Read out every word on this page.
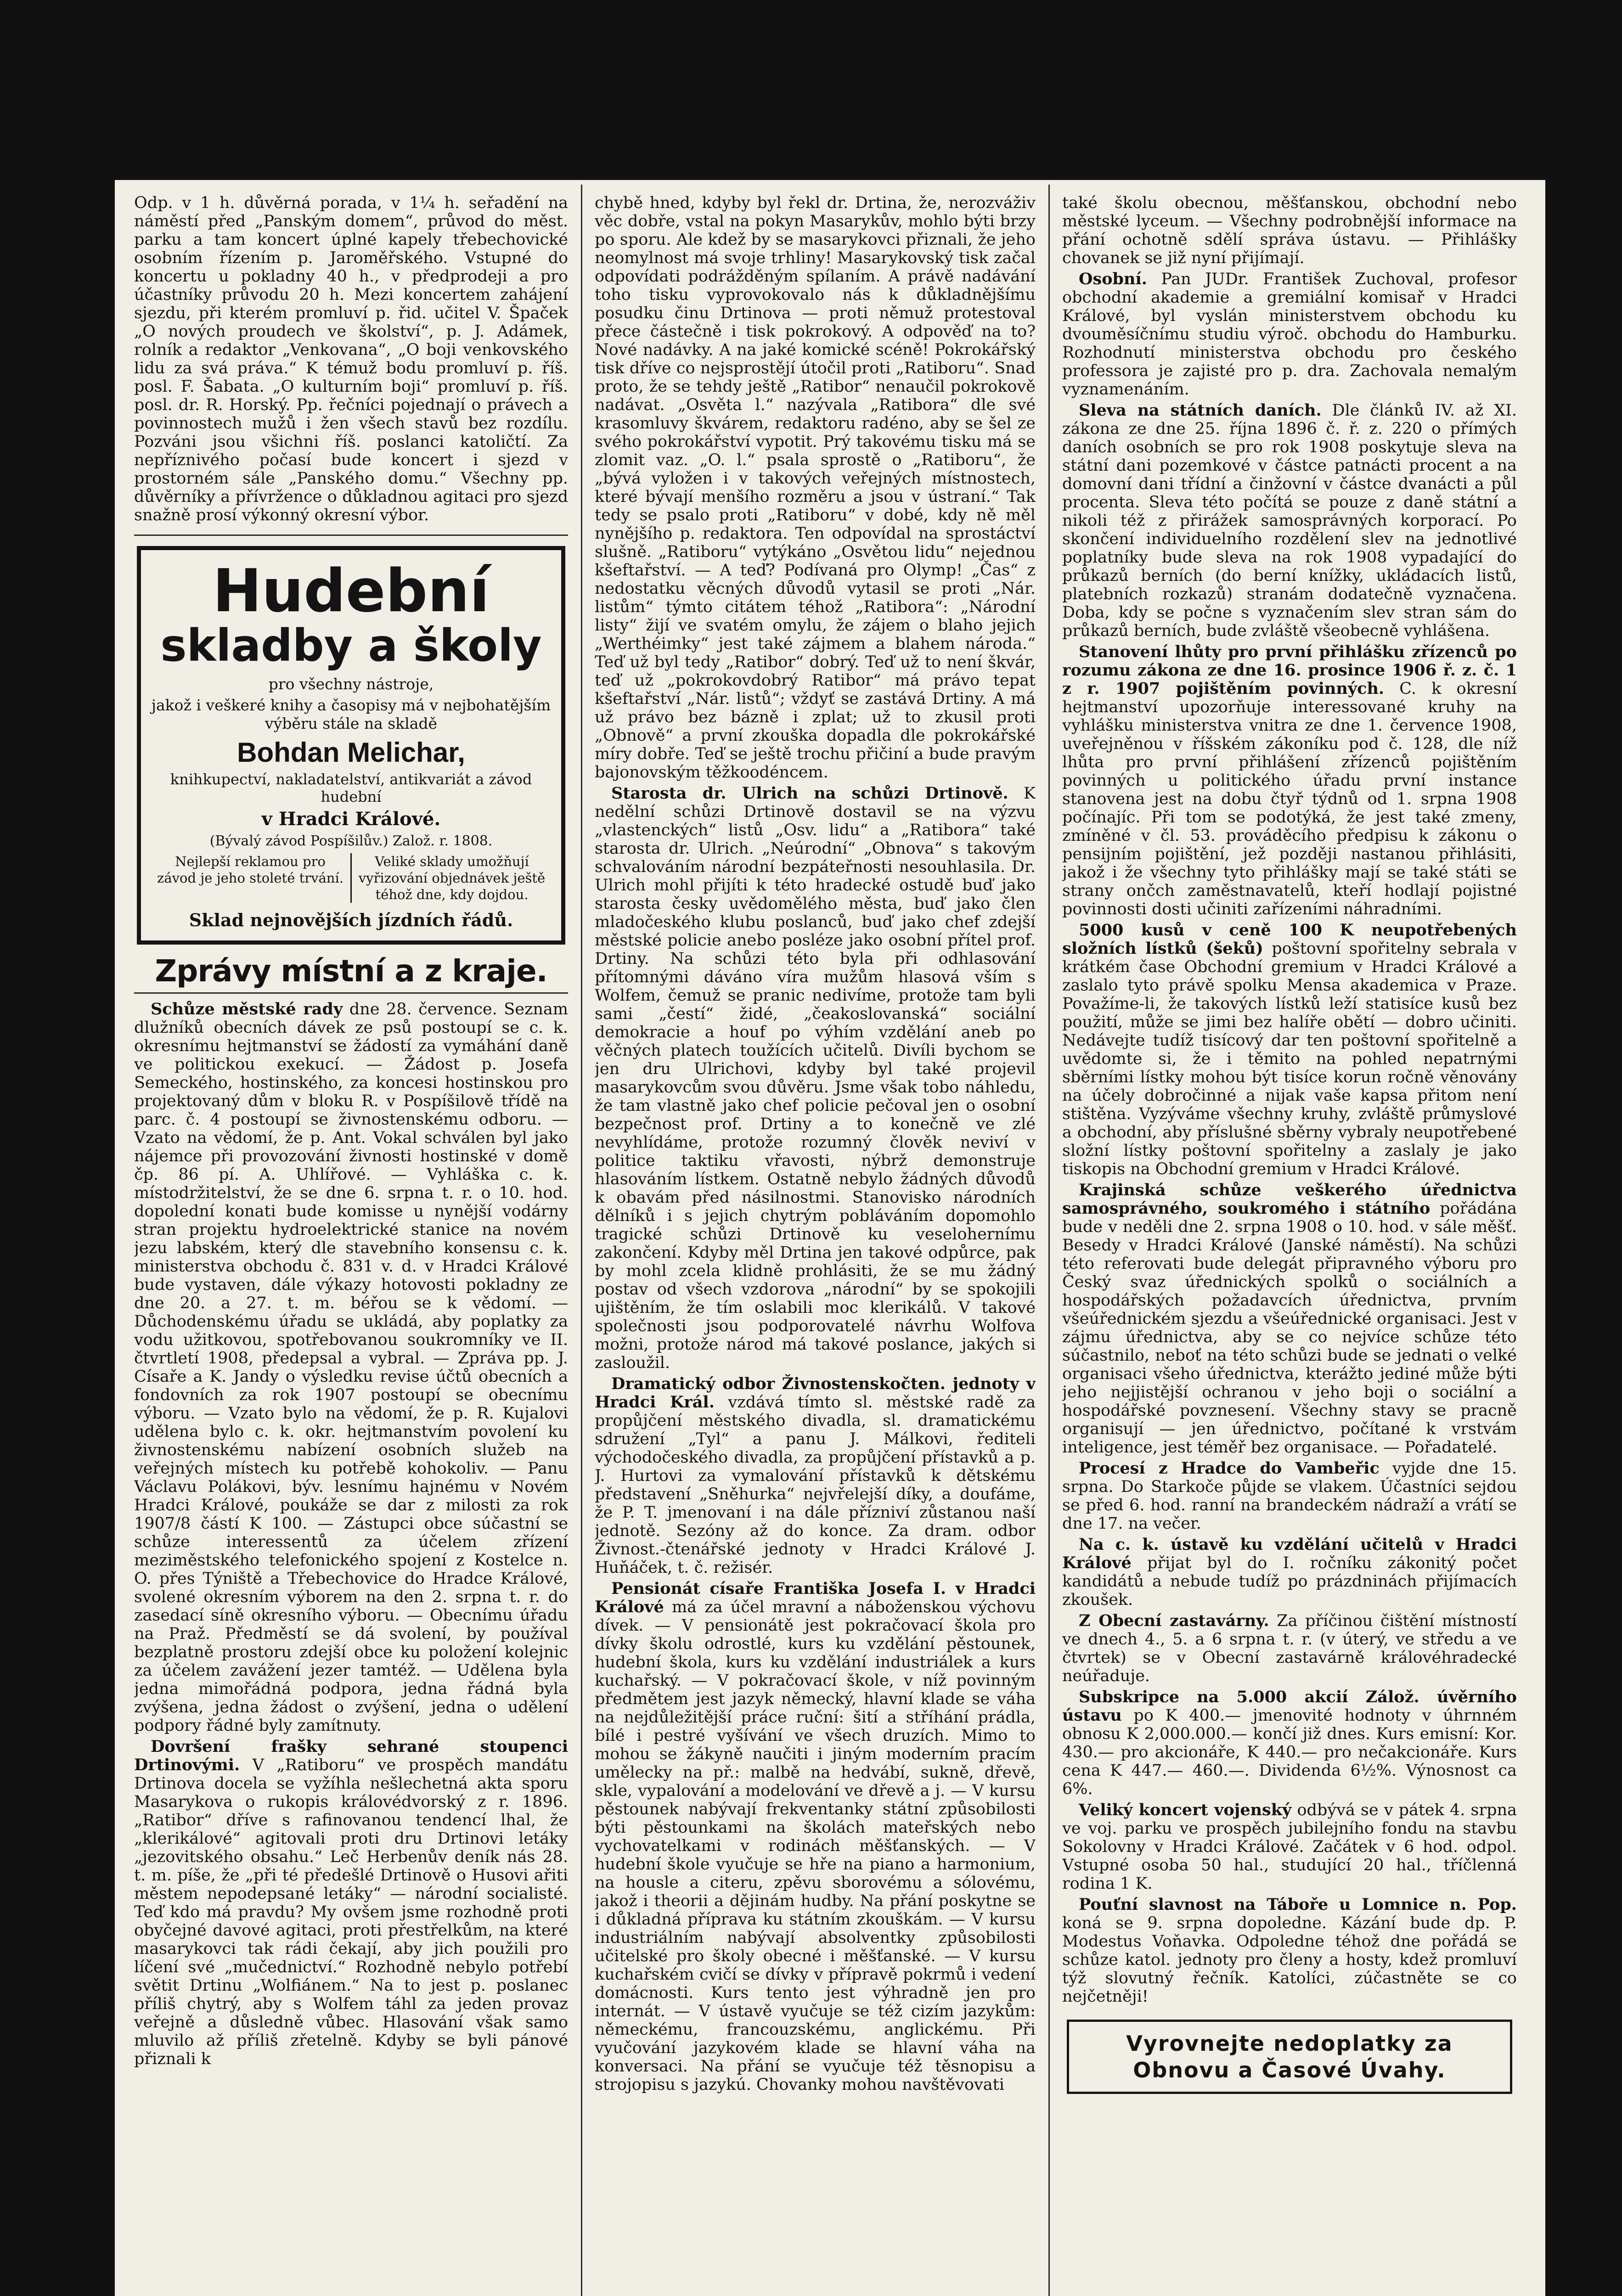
Odp. v 1 h. důvěrná porada, v 1¼ h. seřadění na náměstí před „Panským domem“, průvod do měst. parku a tam koncert úplné kapely třebechovické osobním řízením p. Jaroměřského. Vstupné do koncertu u pokladny 40 h., v předprodeji a pro účastníky průvodu 20 h. Mezi koncertem zahájení sjezdu, při kterém promluví p. řid. učitel V. Špaček „O nových proudech ve školství“, p. J. Adámek, rolník a redaktor „Venkovana“, „O boji venkovského lidu za svá práva.“ K témuž bodu promluví p. říš. posl. F. Šabata. „O kulturním boji“ promluví p. říš. posl. dr. R. Horský. Pp. řečníci pojednají o právech a povinnostech mužů i žen všech stavů bez rozdílu. Pozváni jsou všichni říš. poslanci katoličtí. Za nepříznivého počasí bude koncert i sjezd v prostorném sále „Panského domu.“ Všechny pp. důvěrníky a přívržence o důkladnou agitaci pro sjezd snažně prosí výkonný okresní výbor.

Hudební
skladby a školy
pro všechny nástroje,
jakož i veškeré knihy a časopisy má v nejbohatějším výběru stále na skladě
Bohdan Melichar,
knihkupectví, nakladatelství, antikvariát a závod hudební
v Hradci Králové.
(Bývalý závod Pospíšilův.) Založ. r. 1808.
Nejlepší reklamou pro závod je jeho stoleté trvání.
Veliké sklady umožňují vyřizování objednávek ještě téhož dne, kdy dojdou.
Sklad nejnovějších jízdních řádů.
Zprávy místní a z kraje.

Schůze městské rady dne 28. července. Seznam dlužníků obecních dávek ze psů postoupí se c. k. okresnímu hejtmanství se žádostí za vymáhání daně ve politickou exekucí. — Žádost p. Josefa Semeckého, hostinského, za koncesi hostinskou pro projektovaný dům v bloku R. v Pospíšilově třídě na parc. č. 4 postoupí se živnostenskému odboru. — Vzato na vědomí, že p. Ant. Vokal schválen byl jako nájemce při provozování živnosti hostinské v domě čp. 86 pí. A. Uhlířové. — Vyhláška c. k. místodržitelství, že se dne 6. srpna t. r. o 10. hod. dopolední konati bude komisse u nynější vodárny stran projektu hydroelektrické stanice na novém jezu labském, který dle stavebního konsensu c. k. ministerstva obchodu č. 831 v. d. v Hradci Králové bude vystaven, dále výkazy hotovosti pokladny ze dne 20. a 27. t. m. béřou se k vědomí. — Důchodenskému úřadu se ukládá, aby poplatky za vodu užitkovou, spotřebovanou soukromníky ve II. čtvrtletí 1908, předepsal a vybral. — Zpráva pp. J. Císaře a K. Jandy o výsledku revise účtů obecních a fondovních za rok 1907 postoupí se obecnímu výboru. — Vzato bylo na vědomí, že p. R. Kujalovi udělena bylo c. k. okr. hejtmanstvím povolení ku živnostenskému nabízení osobních služeb na veřejných místech ku potřebě kohokoliv. — Panu Václavu Polákovi, býv. lesnímu hajnému v Novém Hradci Králové, poukáže se dar z milosti za rok 1907/8 částí K 100. — Zástupci obce súčastní se schůze interessentů za účelem zřízení meziměstského telefonického spojení z Kostelce n. O. přes Týniště a Třebechovice do Hradce Králové, svolené okresním výborem na den 2. srpna t. r. do zasedací síně okresního výboru. — Obecnímu úřadu na Praž. Předměstí se dá svolení, by používal bezplatně prostoru zdejší obce ku položení kolejnic za účelem zavážení jezer tamtéž. — Udělena byla jedna mimořádná podpora, jedna řádná byla zvýšena, jedna žádost o zvýšení, jedna o udělení podpory řádné byly zamítnuty.

Dovršení frašky sehrané stoupenci Drtinovými. V „Ratiboru“ ve prospěch mandátu Drtinova docela se vyžíhla nešlechetná akta sporu Masarykova o rukopis královédvorský z r. 1896. „Ratibor“ dříve s rafinovanou tendencí lhal, že „klerikálové“ agitovali proti dru Drtinovi letáky „jezovitského obsahu.“ Leč Herbenův deník nás 28. t. m. píše, že „při té předešlé Drtinově o Husovi ařiti městem nepodepsané letáky“ — národní socialisté. Teď kdo má pravdu? My ovšem jsme rozhodně proti obyčejné davové agitaci, proti přestřelkům, na které masarykovci tak rádi čekají, aby jich použili pro líčení své „mučednictví.“ Rozhodně nebylo potřebí světit Drtinu „Wolfiánem.“ Na to jest p. poslanec příliš chytrý, aby s Wolfem táhl za jeden provaz veřejně a důsledně vůbec. Hlasování však samo mluvilo až příliš zřetelně. Kdyby se byli pánové přiznali k

chybě hned, kdyby byl řekl dr. Drtina, že, nerozváživ věc dobře, vstal na pokyn Masarykův, mohlo býti brzy po sporu. Ale kdež by se masarykovci přiznali, že jeho neomylnost má svoje trhliny! Masarykovský tisk začal odpovídati podrážděným spílaním. A právě nadávání toho tisku vyprovokovalo nás k důkladnějšímu posudku činu Drtinova — proti němuž protestoval přece částečně i tisk pokrokový. A odpověď na to? Nové nadávky. A na jaké komické scéně! Pokrokářský tisk dříve co nejsprostějí útočil proti „Ratiboru“. Snad proto, že se tehdy ještě „Ratibor“ nenaučil pokrokově nadávat. „Osvěta l.“ nazývala „Ratibora“ dle své krasomluvy škvárem, redaktoru radéno, aby se šel ze svého pokrokářství vypotit. Prý takovému tisku má se zlomit vaz. „O. l.“ psala sprostě o „Ratiboru“, že „bývá vyložen i v takových veřejných místnostech, které bývají menšího rozměru a jsou v ústraní.“ Tak tedy se psalo proti „Ratiboru“ v dobé, kdy ně měl nynějšího p. redaktora. Ten odpovídal na sprostáctví slušně. „Ratiboru“ vytýkáno „Osvětou lidu“ nejednou kšeftařství. — A teď? Podívaná pro Olymp! „Čas“ z nedostatku věcných důvodů vytasil se proti „Nár. listům“ týmto citátem téhož „Ratibora“: „Národní listy“ žijí ve svatém omylu, že zájem o blaho jejich „Werthéimky“ jest také zájmem a blahem národa.“ Teď už byl tedy „Ratibor“ dobrý. Teď už to není škvár, teď už „pokrokovdobrý Ratibor“ má právo tepat kšeftařství „Nár. listů“; vždyť se zastává Drtiny. A má už právo bez bázně i zplat; už to zkusil proti „Obnově“ a první zkouška dopadla dle pokrokářské míry dobře. Teď se ještě trochu přičiní a bude pravým bajonovským těžkoodéncem.

Starosta dr. Ulrich na schůzi Drtinově. K nedělní schůzi Drtinově dostavil se na výzvu „vlastenckých“ listů „Osv. lidu“ a „Ratibora“ také starosta dr. Ulrich. „Neúrodní“ „Obnova“ s takovým schvalováním národní bezpáteřnosti nesouhlasila. Dr. Ulrich mohl přijíti k této hradecké ostudě buď jako starosta česky uvědomělého města, buď jako člen mladočeského klubu poslanců, buď jako chef zdejší městské policie anebo posléze jako osobní přítel prof. Drtiny. Na schůzi této byla při odhlasování přítomnými dáváno víra mužům hlasová vším s Wolfem, čemuž se pranic nedivíme, protože tam byli sami „čestí“ židé, „čeakoslovanská“ sociální demokracie a houf po výhím vzdělání aneb po věčných platech toužících učitelů. Divíli bychom se jen dru Ulrichovi, kdyby byl také projevil masarykovcům svou důvěru. Jsme však tobo náhledu, že tam vlastně jako chef policie pečoval jen o osobní bezpečnost prof. Drtiny a to konečně ve zlé nevyhlídáme, protože rozumný člověk neviví v politice taktiku vřavosti, nýbrž demonstruje hlasováním lístkem. Ostatně nebylo žádných důvodů k obavám před násilnostmi. Stanovisko národních dělníků i s jejich chytrým pobláváním dopomohlo tragické schůzi Drtinově ku veselohernímu zakončení. Kdyby měl Drtina jen takové odpůrce, pak by mohl zcela klidně prohlásiti, že se mu žádný postav od všech vzdorova „národní“ by se spokojili ujištěním, že tím oslabili moc klerikálů. V takové společnosti jsou podporovatelé návrhu Wolfova možni, protože národ má takové poslance, jakých si zasloužil.

Dramatický odbor Živnostenskočten. jednoty v Hradci Král. vzdává tímto sl. městské radě za propůjčení městského divadla, sl. dramatickému sdružení „Tyl“ a panu J. Málkovi, řediteli východočeského divadla, za propůjčení přístavků a p. J. Hurtovi za vymalování přístavků k dětskému představení „Sněhurka“ nejvřelejší díky, a doufáme, že P. T. jmenovaní i na dále přízniví zůstanou naší jednotě. Sezóny až do konce. Za dram. odbor Živnost.-čtenářské jednoty v Hradci Králové J. Huňáček, t. č. režisér.

Pensionát císaře Františka Josefa I. v Hradci Králové má za účel mravní a náboženskou výchovu dívek. — V pensionátě jest pokračovací škola pro dívky školu odrostlé, kurs ku vzdělání pěstounek, hudební škola, kurs ku vzdělání industriálek a kurs kuchařský. — V pokračovací škole, v níž povinným předmětem jest jazyk německý, hlavní klade se váha na nejdůležitější práce ruční: šití a stříhání prádla, bílé i pestré vyšívání ve všech druzích. Mimo to mohou se žákyně naučiti i jiným moderním pracím umělecky na př.: malbě na hedvábí, sukně, dřevě, skle, vypalování a modelování ve dřevě a j. — V kursu pěstounek nabývají frekventanky státní způsobilosti býti pěstounkami na školách mateřských nebo vychovatelkami v rodinách měšťanských. — V hudební škole vyučuje se hře na piano a harmonium, na housle a citeru, zpěvu sborovému a sólovému, jakož i theorii a dějinám hudby. Na přání poskytne se i důkladná příprava ku státním zkouškám. — V kursu industriálním nabývají absolventky způsobilosti učitelské pro školy obecné i měšťanské. — V kursu kuchařském cvičí se dívky v přípravě pokrmů i vedení domácnosti. Kurs tento jest výhradně jen pro internát. — V ústavě vyučuje se též cizím jazykům: německému, francouzskému, anglickému. Při vyučování jazykovém klade se hlavní váha na konversaci. Na přání se vyučuje též těsnopisu a strojopisu s jazykú. Chovanky mohou navštěvovati

také školu obecnou, měšťanskou, obchodní nebo městské lyceum. — Všechny podrobnější informace na přání ochotně sdělí správa ústavu. — Přihlášky chovanek se již nyní přijímají.

Osobní. Pan JUDr. František Zuchoval, profesor obchodní akademie a gremiální komisař v Hradci Králové, byl vyslán ministerstvem obchodu ku dvouměsíčnímu studiu výroč. obchodu do Hamburku. Rozhodnutí ministerstva obchodu pro českého professora je zajisté pro p. dra. Zachovala nemalým vyznamenáním.

Sleva na státních daních. Dle článků IV. až XI. zákona ze dne 25. října 1896 č. ř. z. 220 o přímých daních osobních se pro rok 1908 poskytuje sleva na státní dani pozemkové v částce patnácti procent a na domovní dani třídní a činžovní v částce dvanácti a půl procenta. Sleva této počítá se pouze z daně státní a nikoli též z přirážek samosprávných korporací. Po skončení individuelního rozdělení slev na jednotlivé poplatníky bude sleva na rok 1908 vypadající do průkazů berních (do berní knížky, ukládacích listů, platebních rozkazů) stranám dodatečně vyznačena. Doba, kdy se počne s vyznačením slev stran sám do průkazů berních, bude zvláště všeobecně vyhlášena.

Stanovení lhůty pro první přihlášku zřízenců po rozumu zákona ze dne 16. prosince 1906 ř. z. č. 1 z r. 1907 pojištěním povinných. C. k okresní hejtmanství upozorňuje interessované kruhy na vyhlášku ministerstva vnitra ze dne 1. července 1908, uveřejněnou v říšském zákoníku pod č. 128, dle níž lhůta pro první přihlášení zřízenců pojištěním povinných u politického úřadu první instance stanovena jest na dobu čtyř týdnů od 1. srpna 1908 počínajíc. Při tom se podotýká, že jest také zmeny, zmíněné v čl. 53. prováděcího předpisu k zákonu o pensijním pojištění, jež později nastanou přihlásiti, jakož i že všechny tyto přihlášky mají se také státi se strany ončch zaměstnavatelů, kteří hodlají pojistné povinnosti dosti učiniti zařízeními náhradními.

5000 kusů v ceně 100 K neupotřebených složních lístků (šeků) poštovní spořitelny sebrala v krátkém čase Obchodní gremium v Hradci Králové a zaslalo tyto právě spolku Mensa akademica v Praze. Považíme-li, že takových lístků leží statisíce kusů bez použití, může se jimi bez halíře obětí — dobro učiniti. Nedávejte tudíž tisícový dar ten poštovní spořitelně a uvědomte si, že i těmito na pohled nepatrnými sběrními lístky mohou být tisíce korun ročně věnovány na účely dobročinné a nijak vaše kapsa přitom není stištěna. Vyzýváme všechny kruhy, zvláště průmyslové a obchodní, aby příslušné sběrny vybraly neupotřebené složní lístky poštovní spořitelny a zaslaly je jako tiskopis na Obchodní gremium v Hradci Králové.

Krajinská schůze veškerého úřednictva samosprávného, soukromého i státního pořádána bude v neděli dne 2. srpna 1908 o 10. hod. v sále měšť. Besedy v Hradci Králové (Janské náměstí). Na schůzi této referovati bude delegát připravného výboru pro Český svaz úřednických spolků o sociálních a hospodářských požadavcích úřednictva, prvním všeúřednickém sjezdu a všeúřednické organisaci. Jest v zájmu úřednictva, aby se co nejvíce schůze této súčastnilo, neboť na této schůzi bude se jednati o velké organisaci všeho úřednictva, kterážto jediné může býti jeho nejjistější ochranou v jeho boji o sociální a hospodářské povznesení. Všechny stavy se pracně organisují — jen úřednictvo, počítané k vrstvám inteligence, jest téměř bez organisace. — Pořadatelé.

Procesí z Hradce do Vambeřic vyjde dne 15. srpna. Do Starkoče půjde se vlakem. Účastníci sejdou se před 6. hod. ranní na brandeckém nádraží a vrátí se dne 17. na večer.

Na c. k. ústavě ku vzdělání učitelů v Hradci Králové přijat byl do I. ročníku zákonitý počet kandidátů a nebude tudíž po prázdninách přijímacích zkoušek.

Z Obecní zastavárny. Za příčinou čištění místností ve dnech 4., 5. a 6 srpna t. r. (v úterý, ve středu a ve čtvrtek) se v Obecní zastavárně královéhradecké neúřaduje.

Subskripce na 5.000 akcií Zálož. úvěrního ústavu po K 400.— jmenovité hodnoty v úhrnném obnosu K 2,000.000.— končí již dnes. Kurs emisní: Kor. 430.— pro akcionáře, K 440.— pro nečakcionáře. Kurs cena K 447.— 460.—. Dividenda 6½%. Výnosnost ca 6%.

Veliký koncert vojenský odbývá se v pátek 4. srpna ve voj. parku ve prospěch jubilejního fondu na stavbu Sokolovny v Hradci Králové. Začátek v 6 hod. odpol. Vstupné osoba 50 hal., studující 20 hal., tříčlenná rodina 1 K.

Pouťní slavnost na Táboře u Lomnice n. Pop. koná se 9. srpna dopoledne. Kázání bude dp. P. Modestus Voňavka. Odpoledne téhož dne pořádá se schůze katol. jednoty pro členy a hosty, kdež promluví týž slovutný řečník. Katolíci, zúčastněte se co nejčetněji!

Vyrovnejte nedoplatky za Obnovu a Časové Úvahy.
